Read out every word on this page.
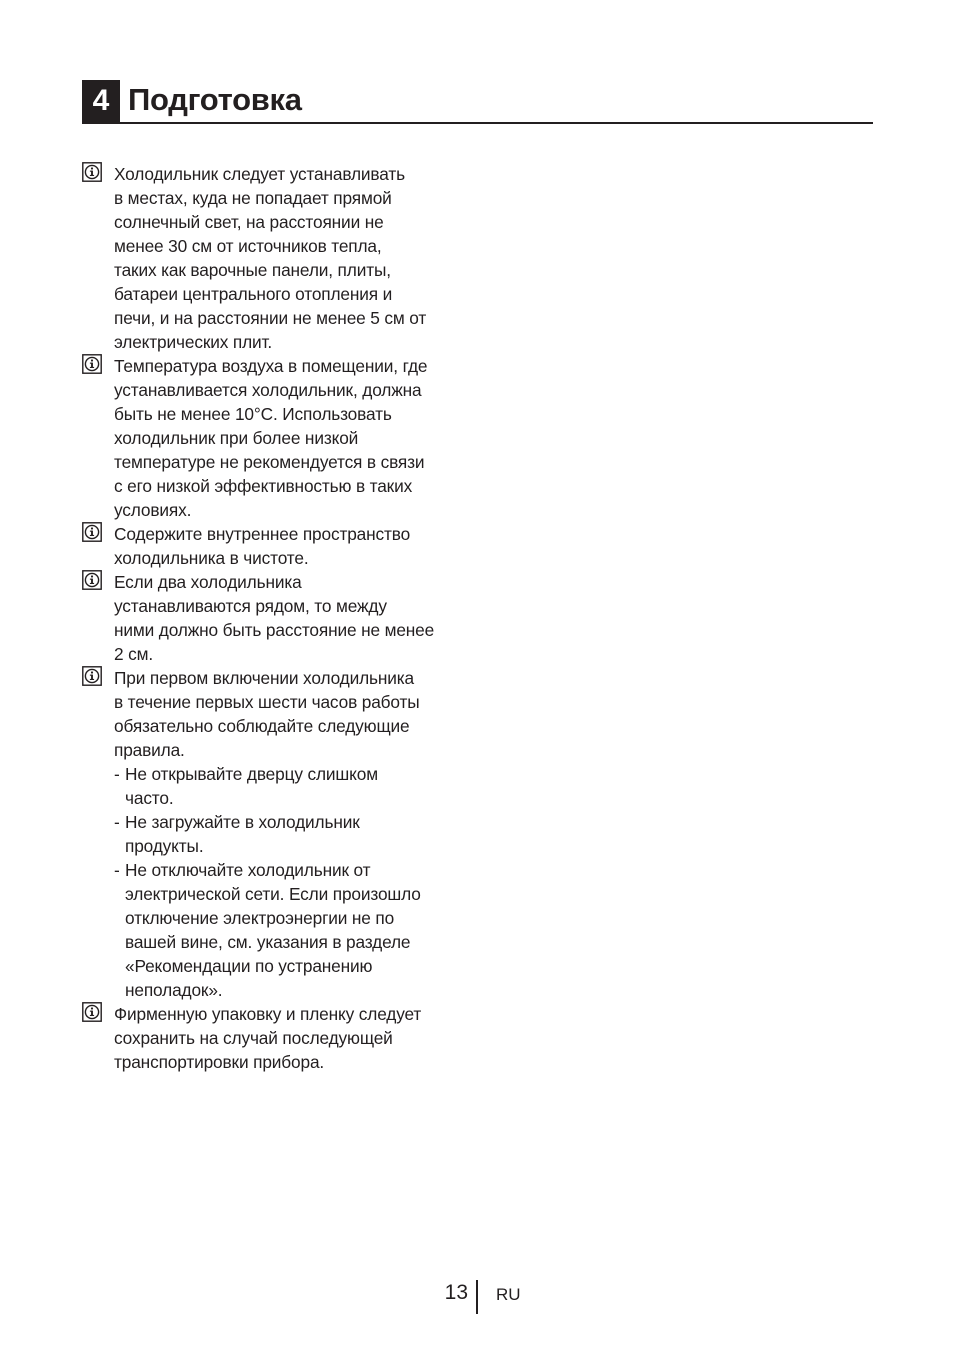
4 Подготовка
Холодильник следует устанавливать
в местах, куда не попадает прямой
солнечный свет, на расстоянии не
менее 30 см от источников тепла,
таких как варочные панели, плиты,
батареи центрального отопления и
печи, и на расстоянии не менее 5 см от
электрических плит.
Температура воздуха в помещении, где
устанавливается холодильник, должна
быть не менее 10°C. Использовать
холодильник при более низкой
температуре не рекомендуется в связи
с его низкой эффективностью в таких
условиях.
Содержите внутреннее пространство
холодильника в чистоте.
Если два холодильника
устанавливаются рядом, то между
ними должно быть расстояние не менее
2 см.
При первом включении холодильника
в течение первых шести часов работы
обязательно соблюдайте следующие
правила.
- Не открывайте дверцу слишком
часто.
- Не загружайте в холодильник
продукты.
- Не отключайте холодильник от
электрической сети. Если произошло
отключение электроэнергии не по
вашей вине, см. указания в разделе
«Рекомендации по устранению
неполадок».
Фирменную упаковку и пленку следует
сохранить на случай последующей
транспортировки прибора.
13 RU
